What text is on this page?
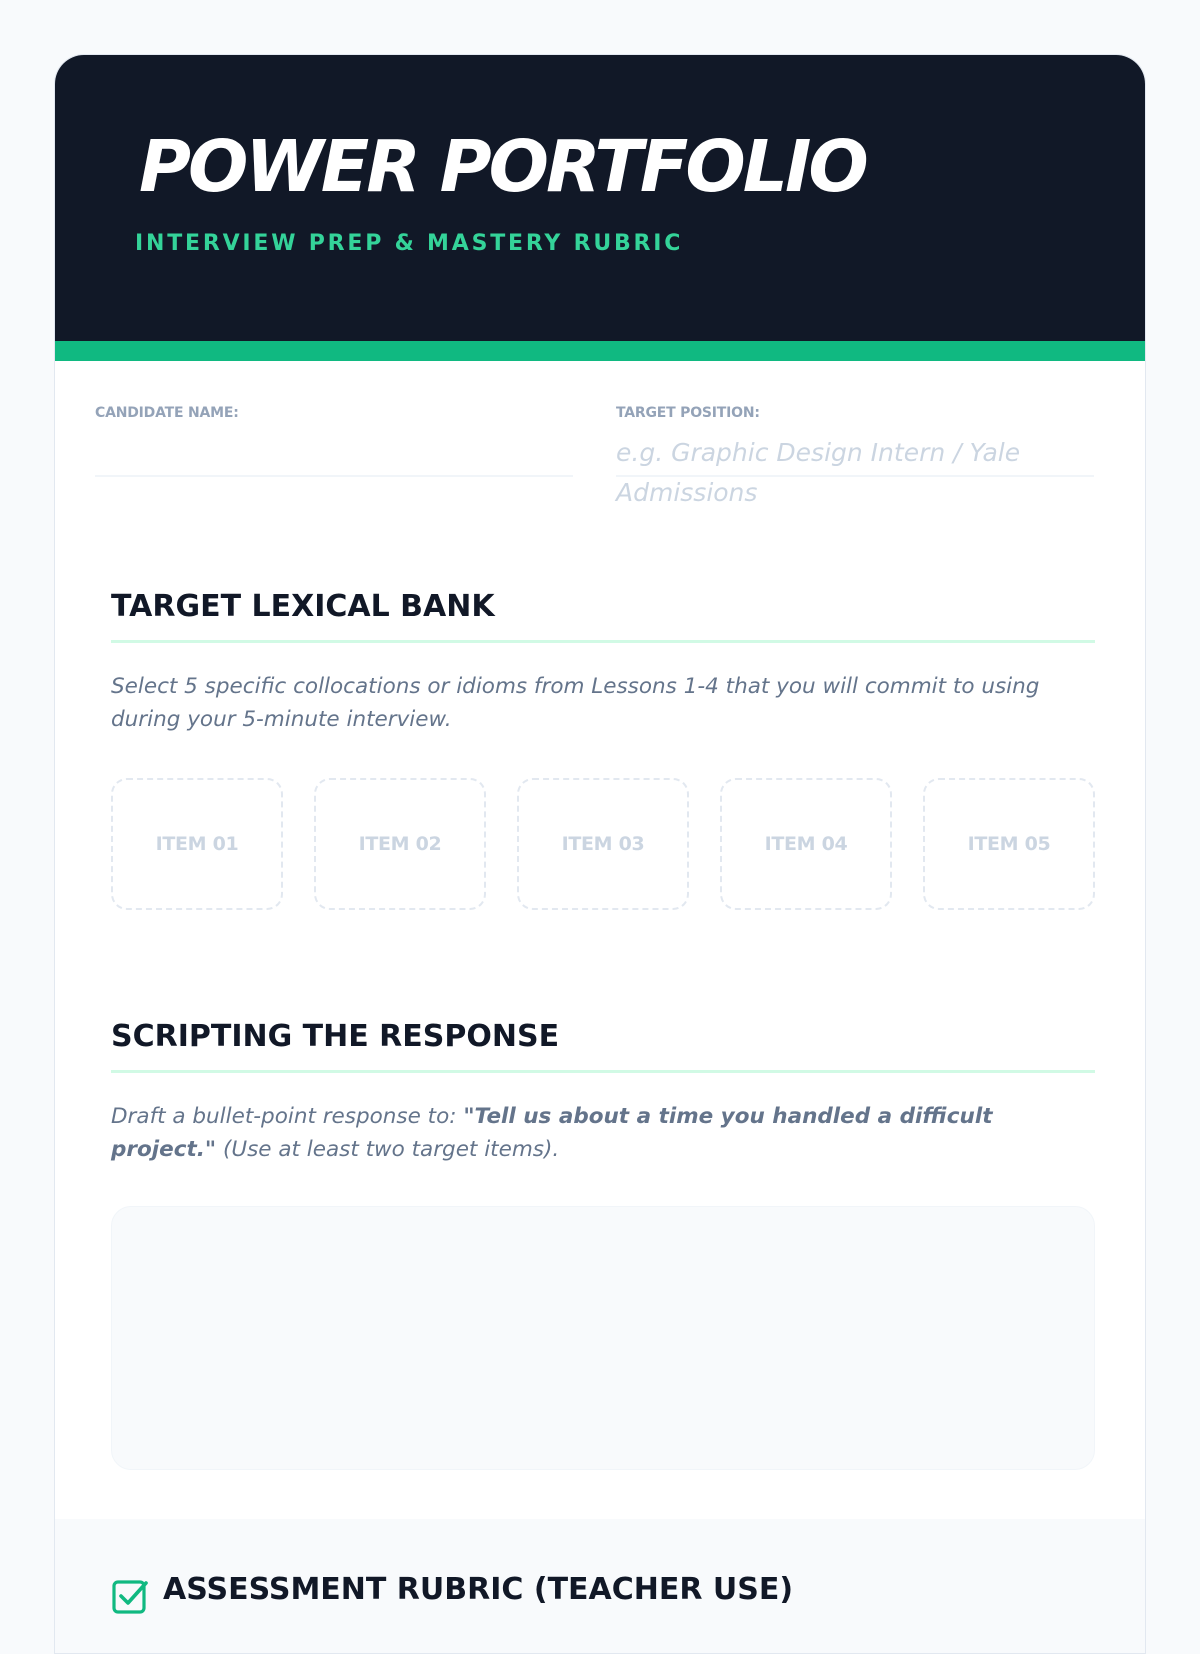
POWER PORTFOLIO
INTERVIEW PREP & MASTERY RUBRIC
CANDIDATE NAME:	TARGET POSITION:
e.g. Graphic Design Intern / Yale Admissions
TARGET LEXICAL BANK

Select 5 specific collocations or idioms from Lessons 1-4 that you will commit to using during your 5-minute interview.

ITEM 01	ITEM 02	ITEM 03	ITEM 04	ITEM 05
SCRIPTING THE RESPONSE

Draft a bullet-point response to: "Tell us about a time you handled a difficult project." (Use at least two target items).

ASSESSMENT RUBRIC (TEACHER USE)
